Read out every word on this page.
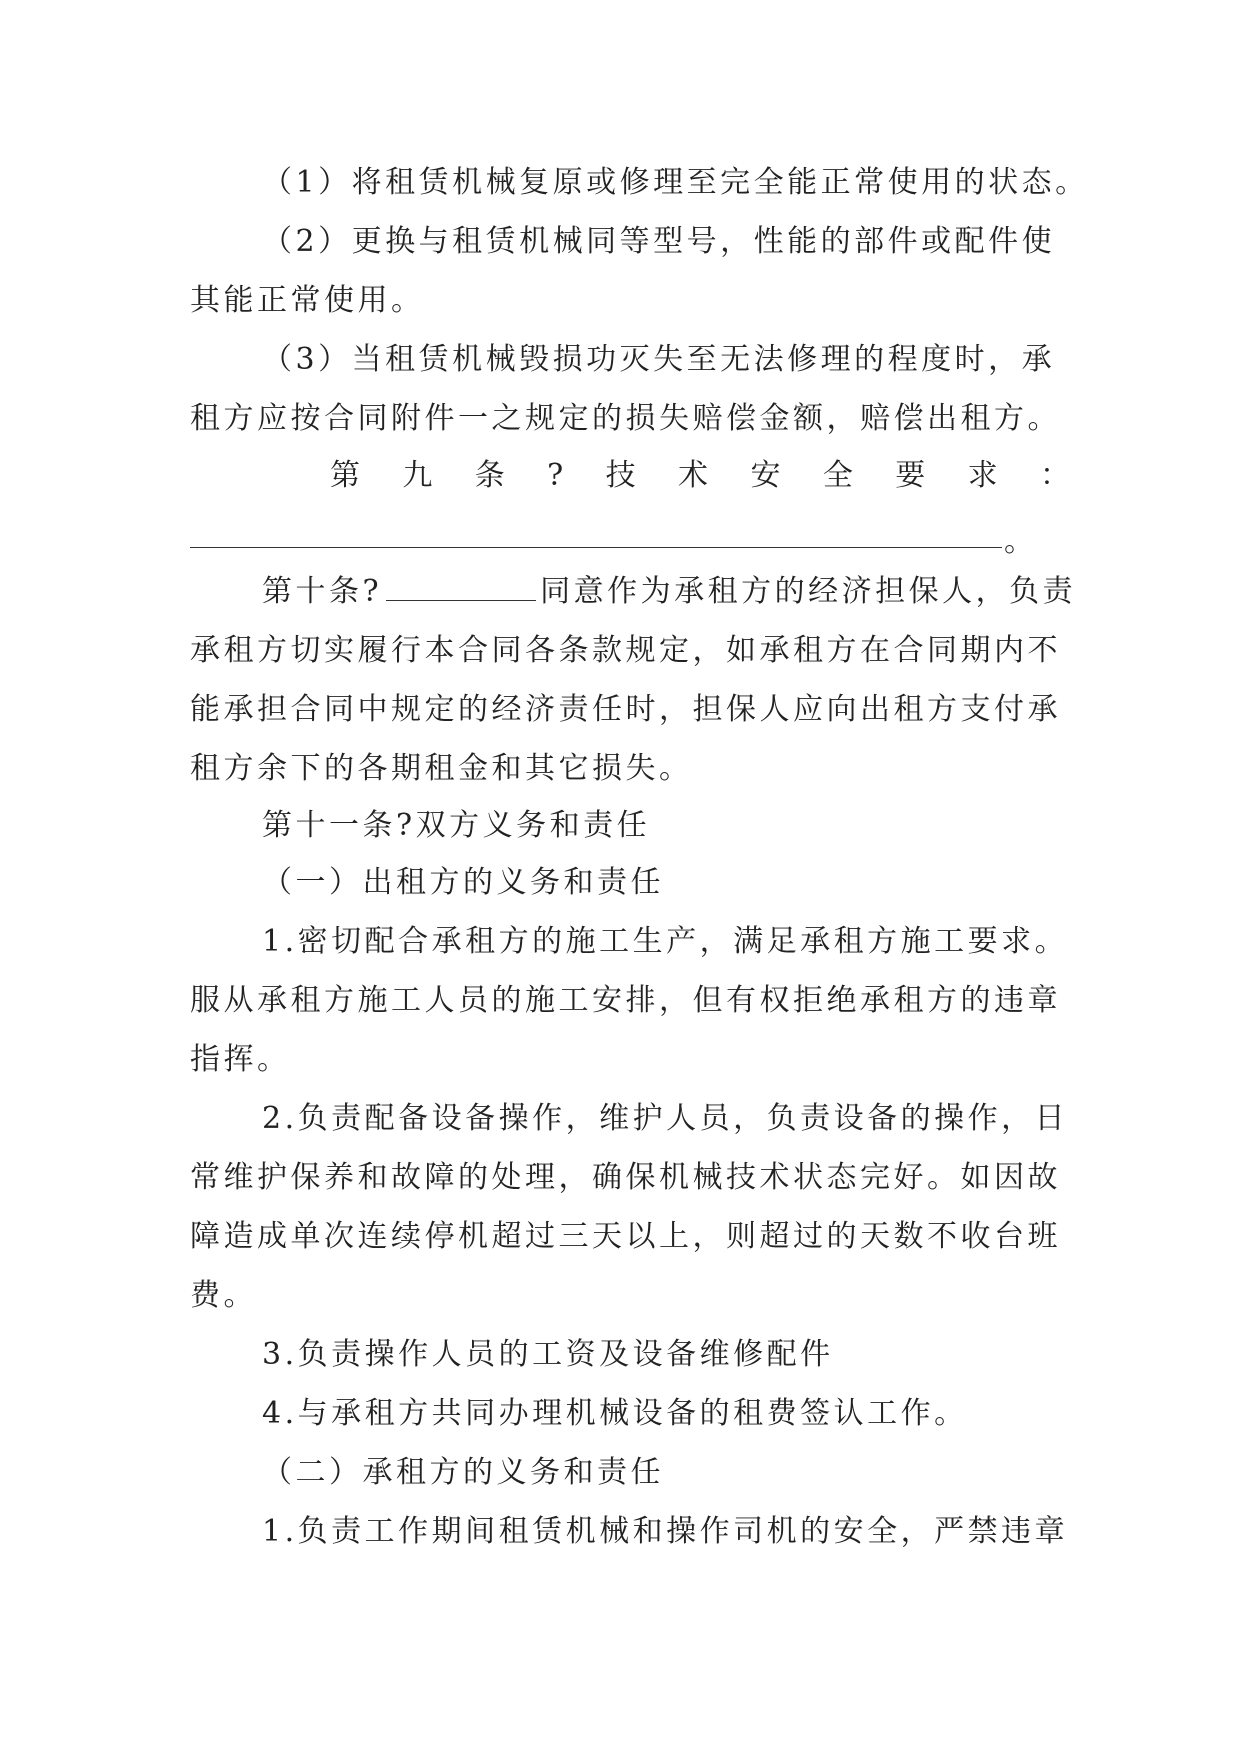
（1）将租赁机械复原或修理至完全能正常使用的状态。
（2）更换与租赁机械同等型号，性能的部件或配件使
其能正常使用。
（3）当租赁机械毁损功灭失至无法修理的程度时，承
租方应按合同附件一之规定的损失赔偿金额，赔偿出租方。
第 九 条 ? 技 术 安 全 要 求 ：
。
第十条?	同意作为承租方的经济担保人，负责
承租方切实履行本合同各条款规定，如承租方在合同期内不
能承担合同中规定的经济责任时，担保人应向出租方支付承
租方余下的各期租金和其它损失。
第十一条?双方义务和责任
（一）出租方的义务和责任
1.密切配合承租方的施工生产，满足承租方施工要求。
服从承租方施工人员的施工安排，但有权拒绝承租方的违章
指挥。
2.负责配备设备操作，维护人员，负责设备的操作，日
常维护保养和故障的处理，确保机械技术状态完好。如因故
障造成单次连续停机超过三天以上，则超过的天数不收台班
费。
3.负责操作人员的工资及设备维修配件
4.与承租方共同办理机械设备的租费签认工作。
（二）承租方的义务和责任
1.负责工作期间租赁机械和操作司机的安全，严禁违章
